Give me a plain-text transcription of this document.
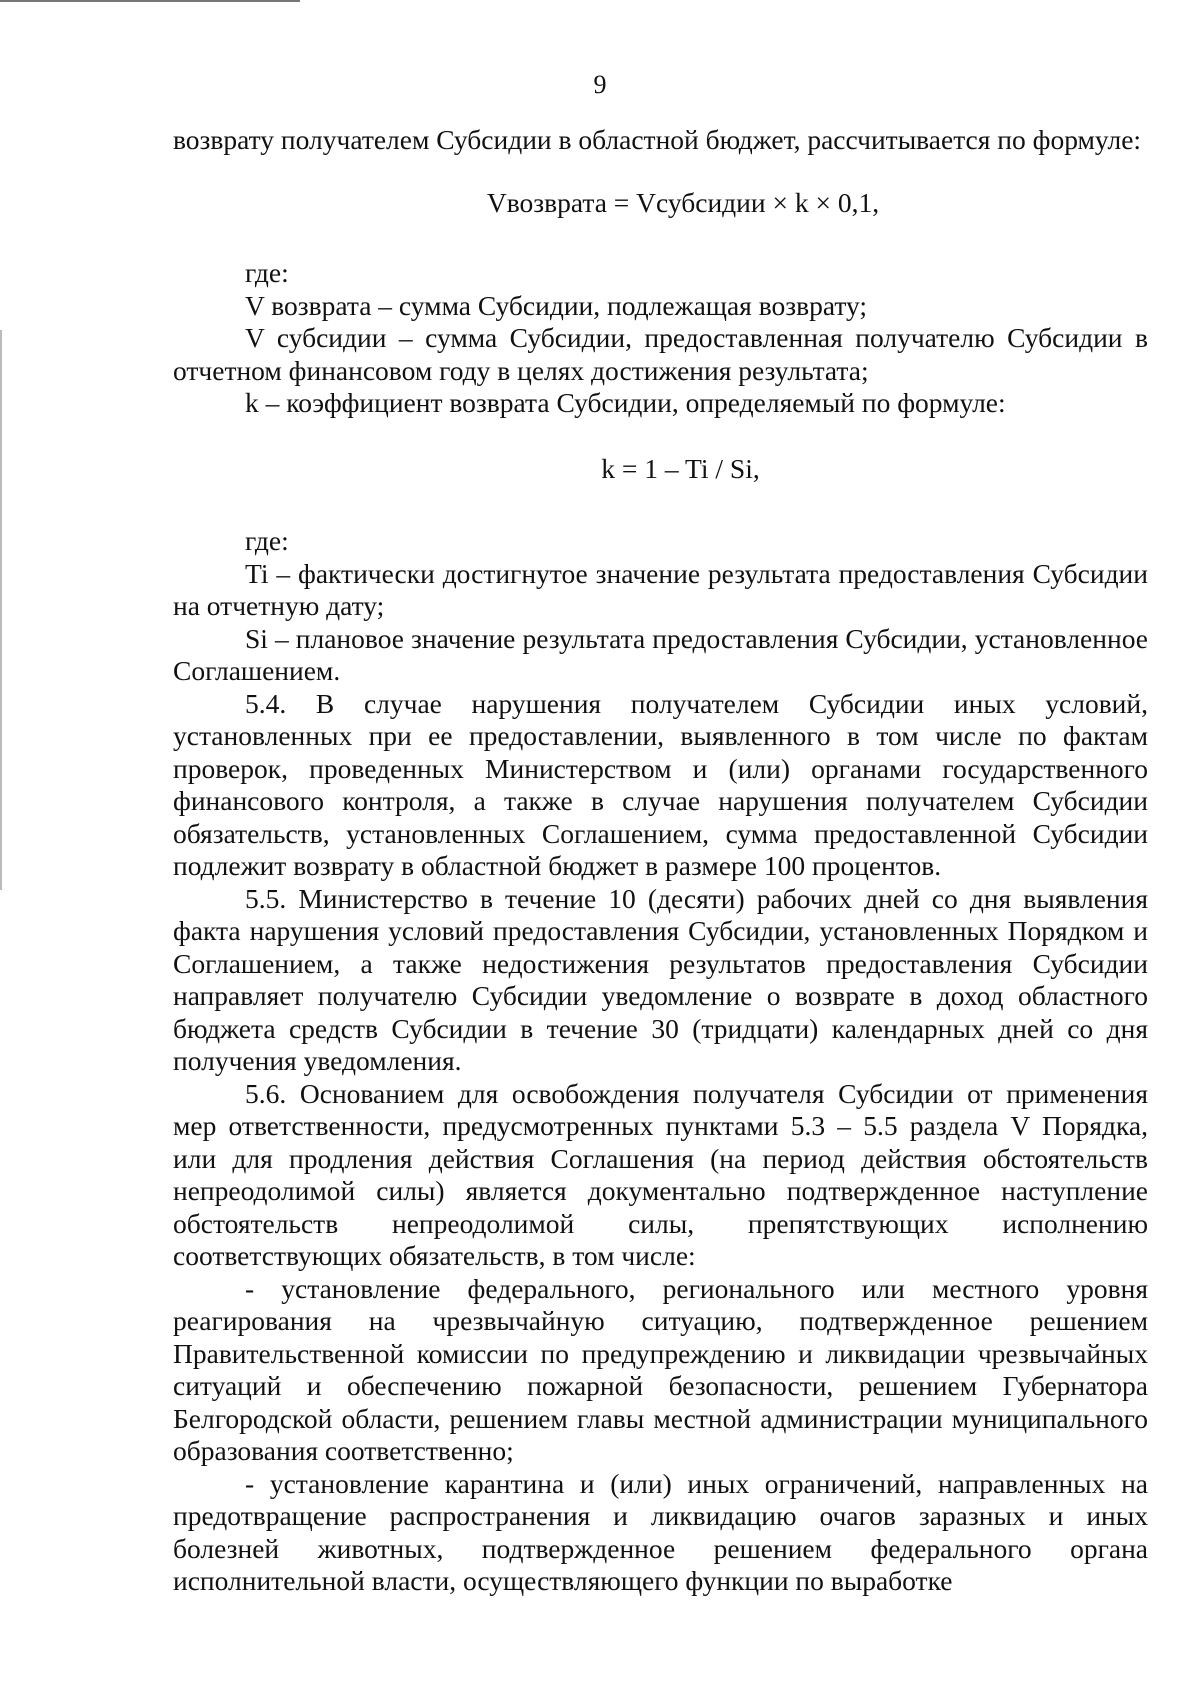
9

возврату получателем Субсидии в областной бюджет, рассчитывается по формуле:

Vвозврата = Vсубсидии × k × 0,1,

где:

V возврата – сумма Субсидии, подлежащая возврату;

V субсидии – сумма Субсидии, предоставленная получателю Субсидии в отчетном финансовом году в целях достижения результата;

k – коэффициент возврата Субсидии, определяемый по формуле:

k = 1 – Ti / Si,

где:

Ti – фактически достигнутое значение результата предоставления Субсидии на отчетную дату;

Si – плановое значение результата предоставления Субсидии, установленное Соглашением.

5.4. В случае нарушения получателем Субсидии иных условий, установленных при ее предоставлении, выявленного в том числе по фактам проверок, проведенных Министерством и (или) органами государственного финансового контроля, а также в случае нарушения получателем Субсидии обязательств, установленных Соглашением, сумма предоставленной Субсидии подлежит возврату в областной бюджет в размере 100 процентов.

5.5. Министерство в течение 10 (десяти) рабочих дней со дня выявления факта нарушения условий предоставления Субсидии, установленных Порядком и Соглашением, а также недостижения результатов предоставления Субсидии направляет получателю Субсидии уведомление о возврате в доход областного бюджета средств Субсидии в течение 30 (тридцати) календарных дней со дня получения уведомления.

5.6. Основанием для освобождения получателя Субсидии от применения мер ответственности, предусмотренных пунктами 5.3 – 5.5 раздела V Порядка, или для продления действия Соглашения (на период действия обстоятельств непреодолимой силы) является документально подтвержденное наступление обстоятельств непреодолимой силы, препятствующих исполнению соответствующих обязательств, в том числе:

- установление федерального, регионального или местного уровня реагирования на чрезвычайную ситуацию, подтвержденное решением Правительственной комиссии по предупреждению и ликвидации чрезвычайных ситуаций и обеспечению пожарной безопасности, решением Губернатора Белгородской области, решением главы местной администрации муниципального образования соответственно;

- установление карантина и (или) иных ограничений, направленных на предотвращение распространения и ликвидацию очагов заразных и иных болезней животных, подтвержденное решением федерального органа исполнительной власти, осуществляющего функции по выработке
